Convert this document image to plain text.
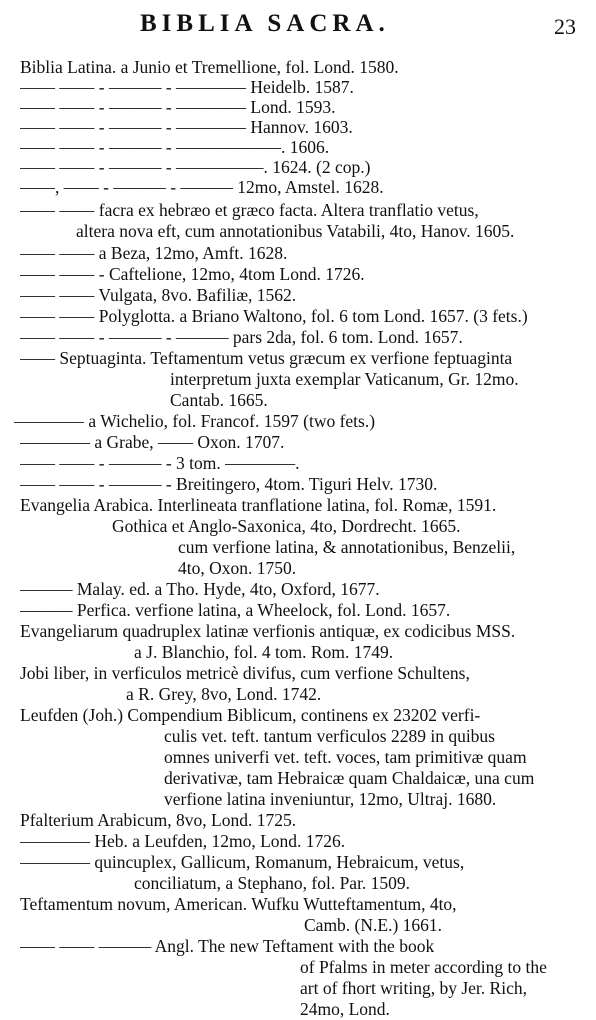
BIBLIA SACRA.	23
Biblia Latina. a Junio et Tremellione, fol. Lond. 1580.
—— —— - ——— - ———— Heidelb. 1587.
—— —— - ——— - ———— Lond. 1593.
—— —— - ——— - ———— Hannov. 1603.
—— —— - ——— - ——————. 1606.
—— —— - ——— - —————. 1624. (2 cop.)
——, —— - ——— - ——— 12mo, Amstel. 1628.
—— —— facra ex hebræo et græco facta. Altera tranflatio vetus,
altera nova eft, cum annotationibus Vatabili, 4to, Hanov. 1605.
—— —— a Beza, 12mo, Amft. 1628.
—— —— - Caftelione, 12mo, 4tom Lond. 1726.
—— —— Vulgata, 8vo. Bafiliæ, 1562.
—— —— Polyglotta. a Briano Waltono, fol. 6 tom Lond. 1657. (3 fets.)
—— —— - ——— - ——— pars 2da, fol. 6 tom. Lond. 1657.
—— Septuaginta. Teftamentum vetus græcum ex verfione feptuaginta
interpretum juxta exemplar Vaticanum, Gr. 12mo.
Cantab. 1665.
———— a Wichelio, fol. Francof. 1597 (two fets.)
———— a Grabe, —— Oxon. 1707.
—— —— - ——— - 3 tom. ————.
—— —— - ——— - Breitingero, 4tom. Tiguri Helv. 1730.
Evangelia Arabica. Interlineata tranflatione latina, fol. Romæ, 1591.
Gothica et Anglo-Saxonica, 4to, Dordrecht. 1665.
cum verfione latina, & annotationibus, Benzelii,
4to, Oxon. 1750.
——— Malay. ed. a Tho. Hyde, 4to, Oxford, 1677.
——— Perfica. verfione latina, a Wheelock, fol. Lond. 1657.
Evangeliarum quadruplex latinæ verfionis antiquæ, ex codicibus MSS.
a J. Blanchio, fol. 4 tom. Rom. 1749.
Jobi liber, in verficulos metricè divifus, cum verfione Schultens,
a R. Grey, 8vo, Lond. 1742.
Leufden (Joh.) Compendium Biblicum, continens ex 23202 verfi-
culis vet. teft. tantum verficulos 2289 in quibus
omnes univerfi vet. teft. voces, tam primitivæ quam
derivativæ, tam Hebraicæ quam Chaldaicæ, una cum
verfione latina inveniuntur, 12mo, Ultraj. 1680.
Pfalterium Arabicum, 8vo, Lond. 1725.
———— Heb. a Leufden, 12mo, Lond. 1726.
———— quincuplex, Gallicum, Romanum, Hebraicum, vetus,
conciliatum, a Stephano, fol. Par. 1509.
Teftamentum novum, American. Wufku Wutteftamentum, 4to,
Camb. (N.E.) 1661.
—— —— ——— Angl. The new Teftament with the book
of Pfalms in meter according to the
art of fhort writing, by Jer. Rich,
24mo, Lond.
